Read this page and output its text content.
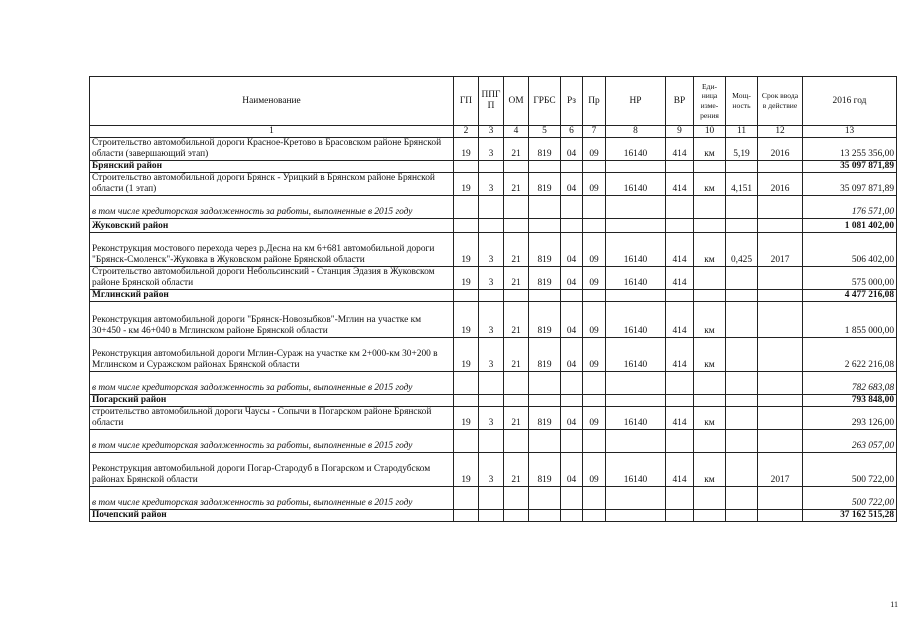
Наименование	ГП	ППГ П	ОМ	ГРБС	Рз	Пр	НР	ВР	Еди- ница изме- рения	Мощ- ность	Срок ввода в действие	2016 год
1	2	3	4	5	6	7	8	9	10	11	12	13
Строительство автомобильной дороги Красное-Кретово в Брасовском районе Брянской области (завершающий этап)	19	3	21	819	04	09	16140	414	км	5,19	2016	13 255 356,00
Брянский район												35 097 871,89
Строительство автомобильной дороги Брянск - Урицкий в Брянском районе Брянской области (1 этап)	19	3	21	819	04	09	16140	414	км	4,151	2016	35 097 871,89
в том числе кредиторская задолженность за работы, выполненные в 2015 году												176 571,00
Жуковский район												1 081 402,00
Реконструкция мостового перехода через р.Десна на км 6+681 автомобильной дороги "Брянск-Смоленск"-Жуковка в Жуковском районе Брянской области	19	3	21	819	04	09	16140	414	км	0,425	2017	506 402,00
Строительство автомобильной дороги Небольсинский - Станция Эдазия в Жуковском районе Брянской области	19	3	21	819	04	09	16140	414				575 000,00
Мглинский район												4 477 216,08
Реконструкция автомобильной дороги "Брянск-Новозыбков"-Мглин на участке км 30+450 - км 46+040 в Мглинском районе Брянской области	19	3	21	819	04	09	16140	414	км			1 855 000,00
Реконструкция автомобильной дороги Мглин-Сураж на участке км 2+000-км 30+200 в Мглинском и Суражском районах Брянской области	19	3	21	819	04	09	16140	414	км			2 622 216,08
в том числе кредиторская задолженность за работы, выполненные в 2015 году												782 683,08
Погарский район												793 848,00
строительство автомобильной дороги Чаусы - Сопычи в Погарском районе Брянской области	19	3	21	819	04	09	16140	414	км			293 126,00
в том числе кредиторская задолженность за работы, выполненные в 2015 году												263 057,00
Реконструкция автомобильной дороги Погар-Стародуб в Погарском и Стародубском районах Брянской области	19	3	21	819	04	09	16140	414	км		2017	500 722,00
в том числе кредиторская задолженность за работы, выполненные в 2015 году												500 722,00
Почепский район												37 162 515,28
11
